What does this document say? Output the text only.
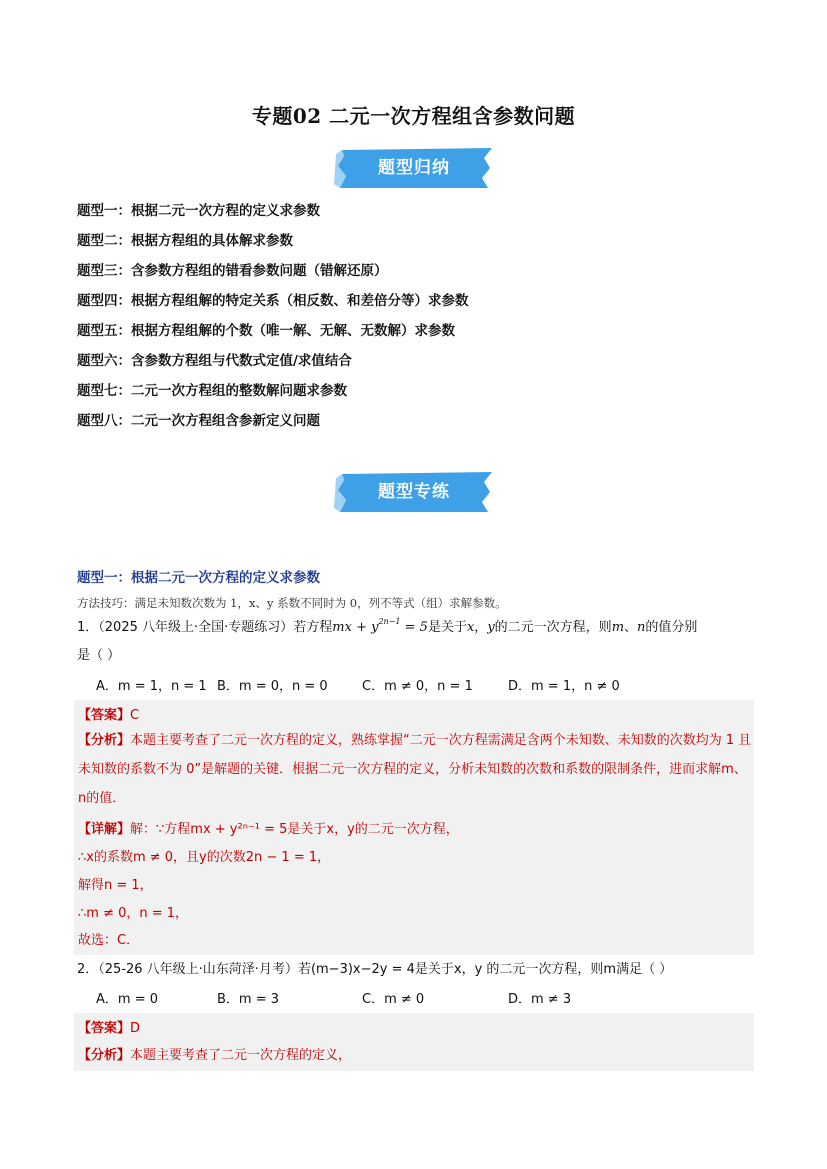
专题02 二元一次方程组含参数问题
题型归纳
题型一：根据二元一次方程的定义求参数
题型二：根据方程组的具体解求参数
题型三：含参数方程组的错看参数问题（错解还原）
题型四：根据方程组解的特定关系（相反数、和差倍分等）求参数
题型五：根据方程组解的个数（唯一解、无解、无数解）求参数
题型六：含参数方程组与代数式定值/求值结合
题型七：二元一次方程组的整数解问题求参数
题型八：二元一次方程组含参新定义问题
题型专练
题型一：根据二元一次方程的定义求参数
方法技巧：满足未知数次数为 1，x、y 系数不同时为 0，列不等式（组）求解参数。
1．（2025 八年级上·全国·专题练习）若方程mx + $y^{2n-1} = 5$是关于x，y的二元一次方程，则m、n的值分别
是（ ）
A．m = 1，n = 1 B．m = 0，n = 0	C．m ≠ 0，n = 1	D．m = 1，n ≠ 0
【答案】C
【分析】本题主要考查了二元一次方程的定义，熟练掌握“二元一次方程需满足含两个未知数、未知数的次数均为 1 且未知数的系数不为 0”是解题的关键．根据二元一次方程的定义，分析未知数的次数和系数的限制条件，进而求解m、n的值．
【详解】解：∵方程mx + y²ⁿ⁻¹ = 5是关于x，y的二元一次方程，
∴x的系数m ≠ 0，且y的次数2n − 1 = 1，
解得n = 1，
∴m ≠ 0，n = 1，
故选：C．
2．（25-26 八年级上·山东菏泽·月考）若(m−3)x−2y = 4是关于x，y 的二元一次方程，则m满足（ ）
A．m = 0	B．m = 3	C．m ≠ 0	D．m ≠ 3
【答案】D
【分析】本题主要考查了二元一次方程的定义，
